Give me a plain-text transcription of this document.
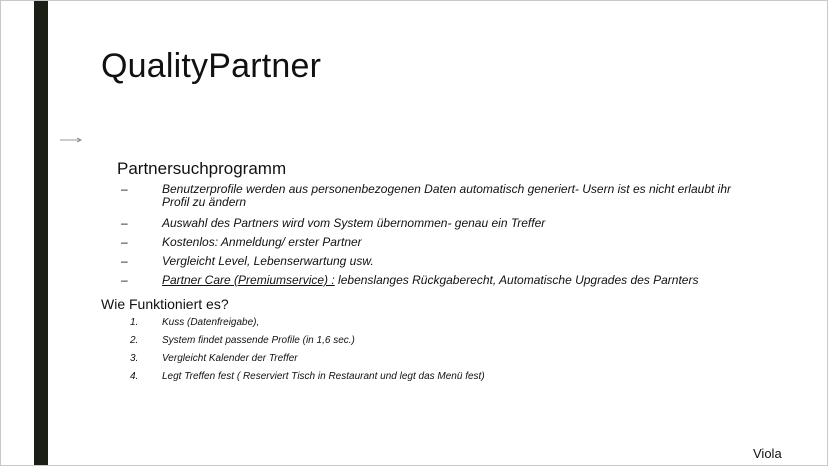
QualityPartner
Partnersuchprogramm
–	Benutzerprofile werden aus personenbezogenen Daten automatisch generiert- Usern ist es nicht erlaubt ihr Profil zu ändern
–	Auswahl des Partners wird vom System übernommen- genau ein Treffer
–	Kostenlos: Anmeldung/ erster Partner
–	Vergleicht Level, Lebenserwartung usw.
–	Partner Care (Premiumservice) : lebenslanges Rückgaberecht, Automatische Upgrades des Parnters
Wie Funktioniert es?
1. Kuss (Datenfreigabe),
2. System findet passende Profile (in 1,6 sec.)
3. Vergleicht Kalender der Treffer
4. Legt Treffen fest ( Reserviert Tisch in Restaurant und legt das Menü fest)
Viola
